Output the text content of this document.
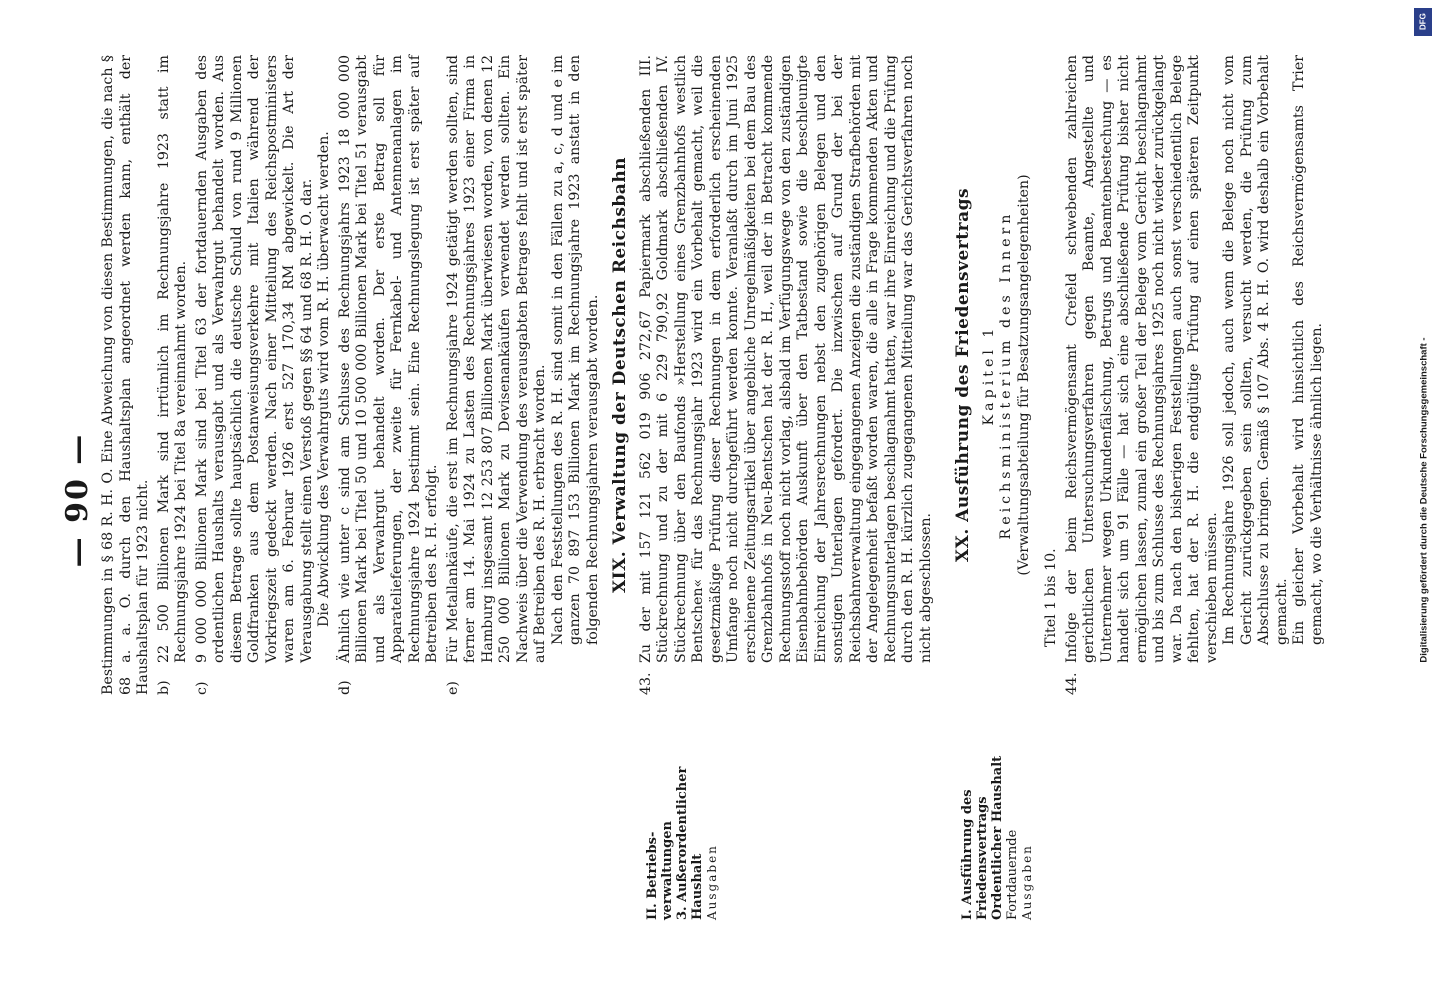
— 90 —
II. Betriebs- verwaltungen 3. Außerordentlicher Haushalt Ausgaben	I. Ausführung des Friedensvertrags Ordentlicher Haushalt Fortdauernde Ausgaben

Bestimmungen in § 68 R. H. O. Eine Abweichung von diesen Bestimmungen, die nach § 68 a. a. O. durch den Haushaltsplan angeordnet werden kann, enthält der Haushaltsplan für 1923 nicht. b)
22 500 Billionen Mark sind irrtümlich im Rechnungsjahre 1923 statt im Rechnungsjahre 1924 bei Titel 8a vereinnahmt worden.
c)
9 000 000 Billionen Mark sind bei Titel 63 der fortdauernden Ausgaben des ordentlichen Haushalts verausgabt und als Verwahrgut behandelt worden. Aus diesem Betrage sollte hauptsächlich die deutsche Schuld von rund 9 Millionen Goldfranken aus dem Postanweisungsverkehre mit Italien während der Vorkriegszeit gedeckt werden. Nach einer Mitteilung des Reichspostministers waren am 6. Februar 1926 erst 527 170,34 RM abgewickelt. Die Art der Verausgabung stellt einen Verstoß gegen §§ 64 und 68 R. H. O. dar. Die Abwicklung des Verwahrguts wird vom R. H. überwacht werden.
d)
Ähnlich wie unter c sind am Schlusse des Rechnungsjahrs 1923 18 000 000 Billionen Mark bei Titel 50 und 10 500 000 Billionen Mark bei Titel 51 verausgabt und als Verwahrgut behandelt worden. Der erste Betrag soll für Apparatelieferungen, der zweite für Fernkabel- und Antennenanlagen im Rechnungsjahre 1924 bestimmt sein. Eine Rechnungslegung ist erst später auf Betreiben des R. H. erfolgt.
e)
Für Metallankäufe, die erst im Rechnungsjahre 1924 getätigt werden sollten, sind ferner am 14. Mai 1924 zu Lasten des Rechnungsjahres 1923 einer Firma in Hamburg insgesamt 12 253 807 Billionen Mark überwiesen worden, von denen 12 250 000 Billionen Mark zu Devisenankäufen verwendet werden sollten. Ein Nachweis über die Verwendung des verausgabten Betrages fehlt und ist erst später auf Betreiben des R. H. erbracht worden. Nach den Feststellungen des R. H. sind somit in den Fällen zu a, c, d und e im ganzen 70 897 153 Billionen Mark im Rechnungsjahre 1923 anstatt in den folgenden Rechnungsjahren verausgabt worden. XIX. Verwaltung der Deutschen Reichsbahn
43.
Zu der mit 157 121 562 019 906 272,67 Papiermark abschließenden III. Stückrechnung und zu der mit 6 229 790,92 Goldmark abschließenden IV. Stückrechnung über den Baufonds »Herstellung eines Grenzbahnhofs westlich Bentschen« für das Rechnungsjahr 1923 wird ein Vorbehalt gemacht, weil die gesetzmäßige Prüfung dieser Rechnungen in dem erforderlich erscheinenden Umfange noch nicht durchgeführt werden konnte. Veranlaßt durch im Juni 1925 erschienene Zeitungsartikel über angebliche Unregelmäßigkeiten bei dem Bau des Grenzbahnhofs in Neu-Bentschen hat der R. H., weil der in Betracht kommende Rechnungsstoff noch nicht vorlag, alsbald im Verfügungswege von den zuständigen Eisenbahnbehörden Auskunft über den Tatbestand sowie die beschleunigte Einreichung der Jahresrechnungen nebst den zugehörigen Belegen und den sonstigen Unterlagen gefordert. Die inzwischen auf Grund der bei der Reichsbahnverwaltung eingegangenen Anzeigen die zuständigen Strafbehörden mit der Angelegenheit befaßt worden waren, die alle in Frage kommenden Akten und Rechnungsunterlagen beschlagnahmt hatten, war ihre Einreichung und die Prüfung durch den R. H. kürzlich zugegangenen Mitteilung war das Gerichtsverfahren noch nicht abgeschlossen.
XX. Ausführung des Friedensvertrags Kapitel 1 Reichsministerium des Innern (Verwaltungsabteilung für Besatzungsangelegenheiten)
Titel 1 bis 10.
44.
Infolge der beim Reichsvermögensamt Crefeld schwebenden zahlreichen gerichtlichen Untersuchungsverfahren gegen Beamte, Angestellte und Unternehmer wegen Urkundenfälschung, Betrugs und Beamtenbestechung — es handelt sich um 91 Fälle — hat sich eine abschließende Prüfung bisher nicht ermöglichen lassen, zumal ein großer Teil der Belege vom Gericht beschlagnahmt und bis zum Schlusse des Rechnungsjahres 1925 noch nicht wieder zurückgelangt war. Da nach den bisherigen Feststellungen auch sonst verschiedentlich Belege fehlten, hat der R. H. die endgültige Prüfung auf einen späteren Zeitpunkt verschieben müssen. Im Rechnungsjahre 1926 soll jedoch, auch wenn die Belege noch nicht vom Gericht zurückgegeben sein sollten, versucht werden, die Prüfung zum Abschlusse zu bringen. Gemäß § 107 Abs. 4 R. H. O. wird deshalb ein Vorbehalt gemacht. Ein gleicher Vorbehalt wird hinsichtlich des Reichsvermögensamts Trier gemacht, wo die Verhältnisse ähnlich liegen.
DFG
Digitalisierung gefördert durch die Deutsche Forschungsgemeinschaft -
